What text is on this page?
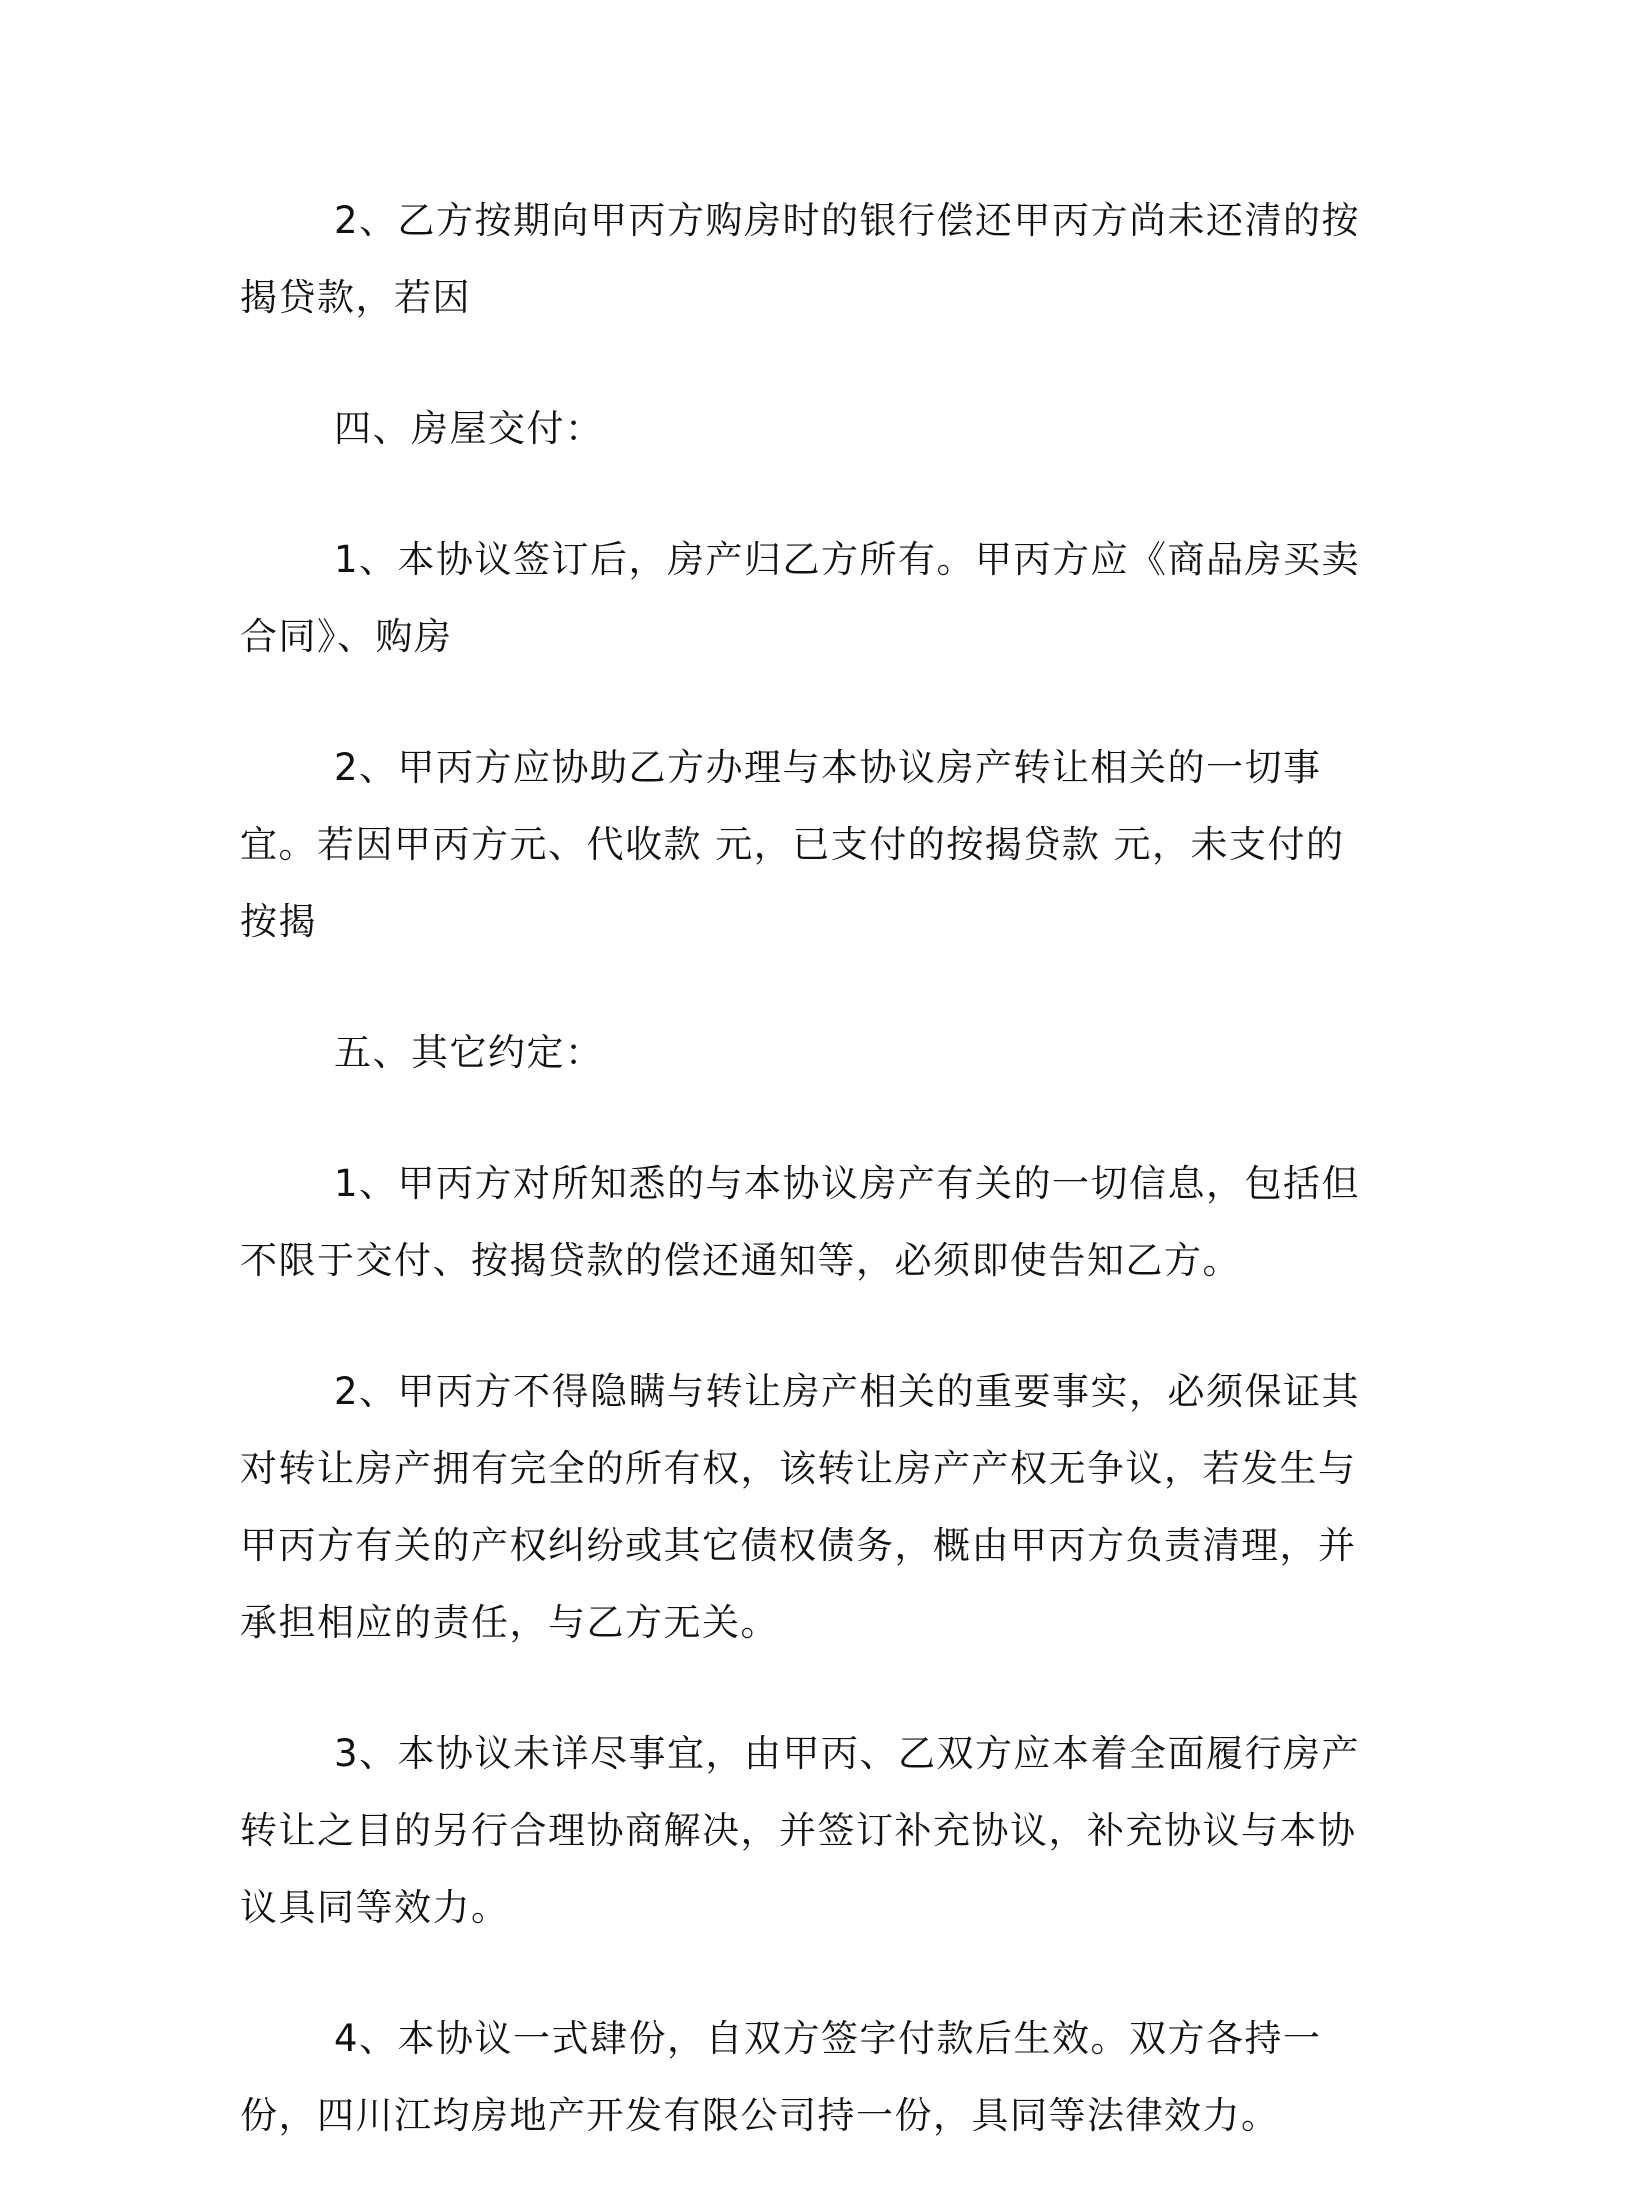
2、乙方按期向甲丙方购房时的银行偿还甲丙方尚未还清的按揭贷款，若因

四、房屋交付：

1、本协议签订后，房产归乙方所有。甲丙方应《商品房买卖合同》、购房

2、甲丙方应协助乙方办理与本协议房产转让相关的一切事宜。若因甲丙方元、代收款 元，已支付的按揭贷款 元，未支付的按揭

五、其它约定：

1、甲丙方对所知悉的与本协议房产有关的一切信息，包括但不限于交付、按揭贷款的偿还通知等，必须即使告知乙方。

2、甲丙方不得隐瞒与转让房产相关的重要事实，必须保证其对转让房产拥有完全的所有权，该转让房产产权无争议，若发生与甲丙方有关的产权纠纷或其它债权债务，概由甲丙方负责清理，并承担相应的责任，与乙方无关。

3、本协议未详尽事宜，由甲丙、乙双方应本着全面履行房产转让之目的另行合理协商解决，并签订补充协议，补充协议与本协议具同等效力。

4、本协议一式肆份，自双方签字付款后生效。双方各持一份，四川江均房地产开发有限公司持一份，具同等法律效力。
